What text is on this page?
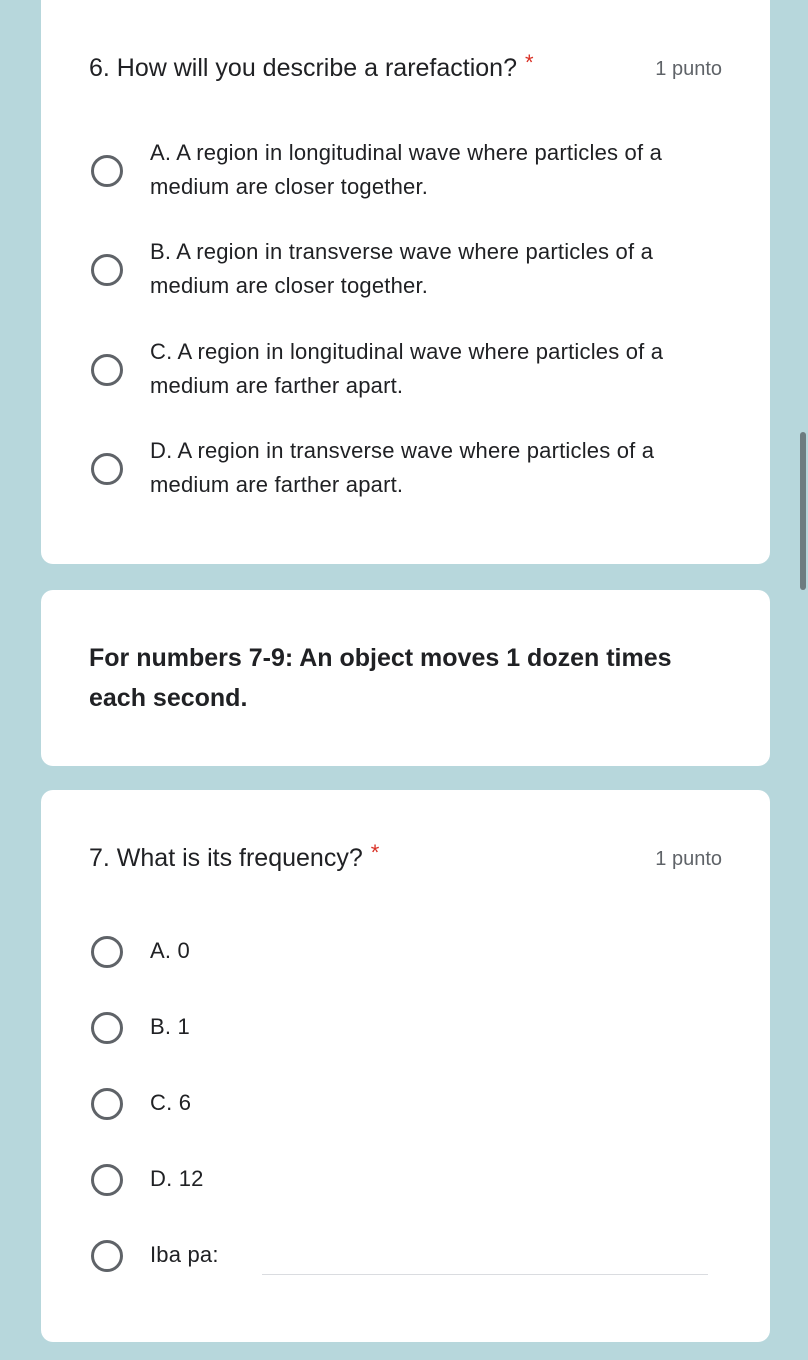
6. How will you describe a rarefaction? *	1 punto
A. A region in longitudinal wave where particles of a medium are closer together.
B. A region in transverse wave where particles of a medium are closer together.
C. A region in longitudinal wave where particles of a medium are farther apart.
D. A region in transverse wave where particles of a medium are farther apart.
For numbers 7-9: An object moves 1 dozen times each second.
7. What is its frequency? *	1 punto
A. 0
B. 1
C. 6
D. 12
Iba pa:
